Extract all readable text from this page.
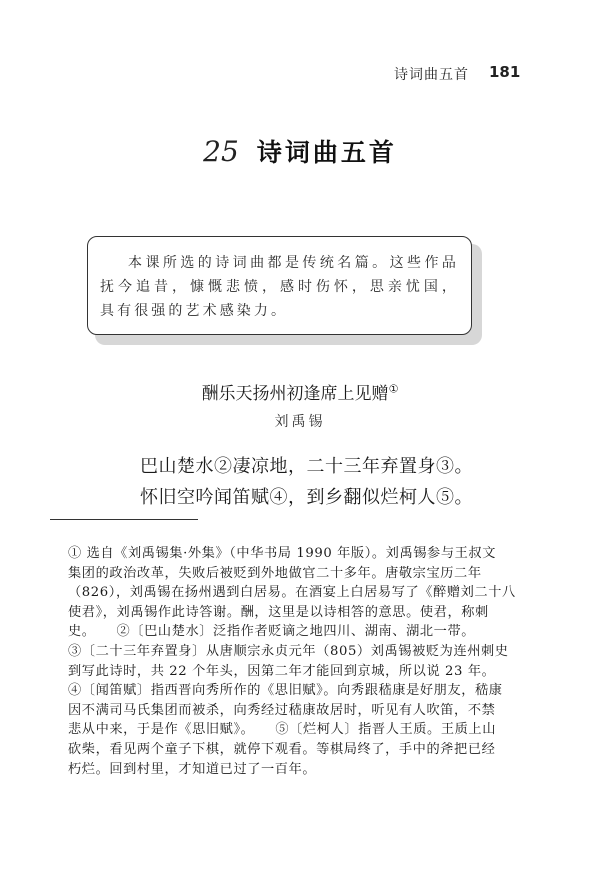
诗词曲五首 181
25 诗词曲五首

本课所选的诗词曲都是传统名篇。这些作品抚今追昔，慷慨悲愤，感时伤怀，思亲忧国，具有很强的艺术感染力。

酬乐天扬州初逢席上见赠①
刘禹锡
巴山楚水②凄凉地，二十三年弃置身③。
怀旧空吟闻笛赋④，到乡翻似烂柯人⑤。
① 选自《刘禹锡集·外集》（中华书局 1990 年版）。刘禹锡参与王叔文
集团的政治改革，失败后被贬到外地做官二十多年。唐敬宗宝历二年
（826），刘禹锡在扬州遇到白居易。在酒宴上白居易写了《醉赠刘二十八
使君》，刘禹锡作此诗答谢。酬，这里是以诗相答的意思。使君，称刺
史。　　②〔巴山楚水〕泛指作者贬谪之地四川、湖南、湖北一带。
③〔二十三年弃置身〕从唐顺宗永贞元年（805）刘禹锡被贬为连州刺史
到写此诗时，共 22 个年头，因第二年才能回到京城，所以说 23 年。
④〔闻笛赋〕指西晋向秀所作的《思旧赋》。向秀跟嵇康是好朋友，嵇康
因不满司马氏集团而被杀，向秀经过嵇康故居时，听见有人吹笛，不禁
悲从中来，于是作《思旧赋》。　　⑤〔烂柯人〕指晋人王质。王质上山
砍柴，看见两个童子下棋，就停下观看。等棋局终了，手中的斧把已经
朽烂。回到村里，才知道已过了一百年。
